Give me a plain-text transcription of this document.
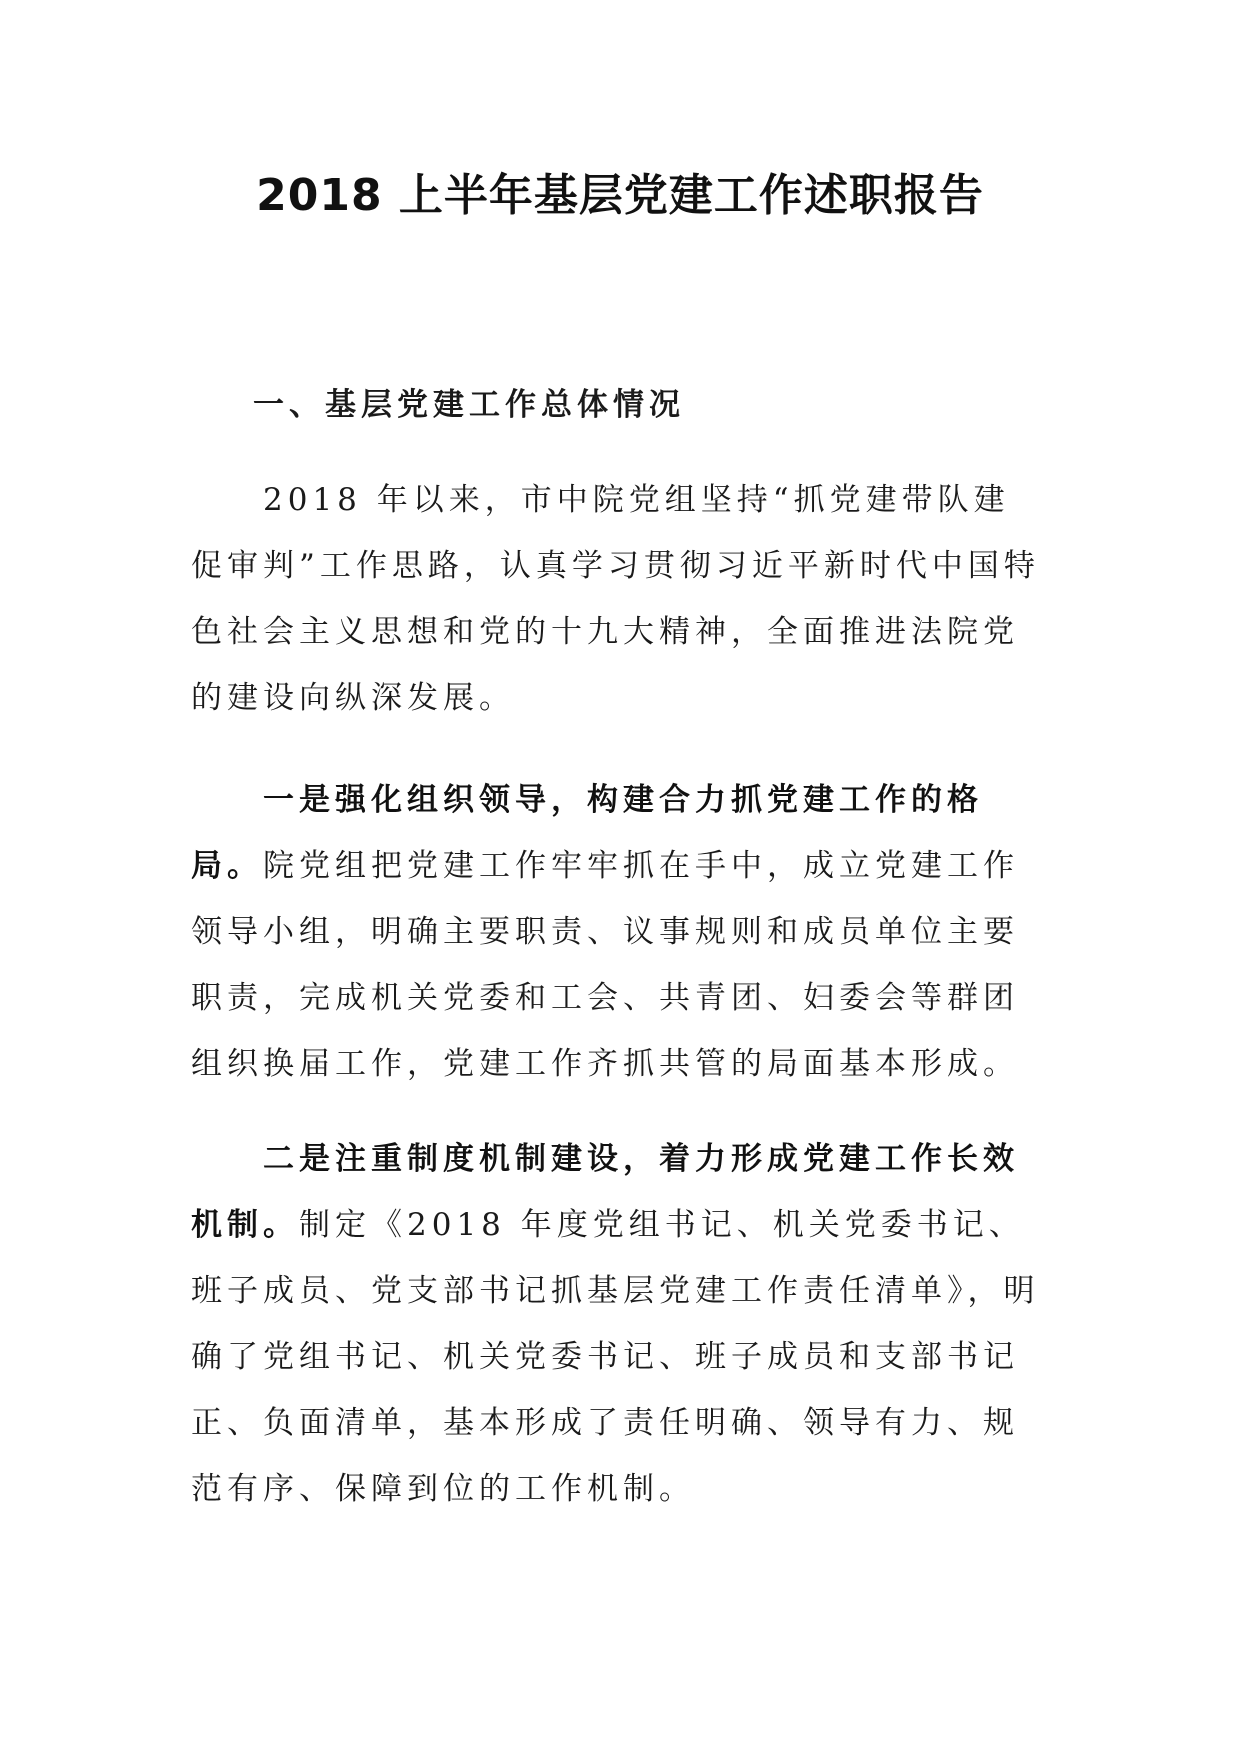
2018 上半年基层党建工作述职报告

一、基层党建工作总体情况

2018 年以来，市中院党组坚持“抓党建带队建促审判”工作思路，认真学习贯彻习近平新时代中国特色社会主义思想和党的十九大精神，全面推进法院党的建设向纵深发展。

一是强化组织领导，构建合力抓党建工作的格局。院党组把党建工作牢牢抓在手中，成立党建工作领导小组，明确主要职责、议事规则和成员单位主要职责，完成机关党委和工会、共青团、妇委会等群团组织换届工作，党建工作齐抓共管的局面基本形成。

二是注重制度机制建设，着力形成党建工作长效机制。制定《2018 年度党组书记、机关党委书记、班子成员、党支部书记抓基层党建工作责任清单》，明确了党组书记、机关党委书记、班子成员和支部书记正、负面清单，基本形成了责任明确、领导有力、规范有序、保障到位的工作机制。
